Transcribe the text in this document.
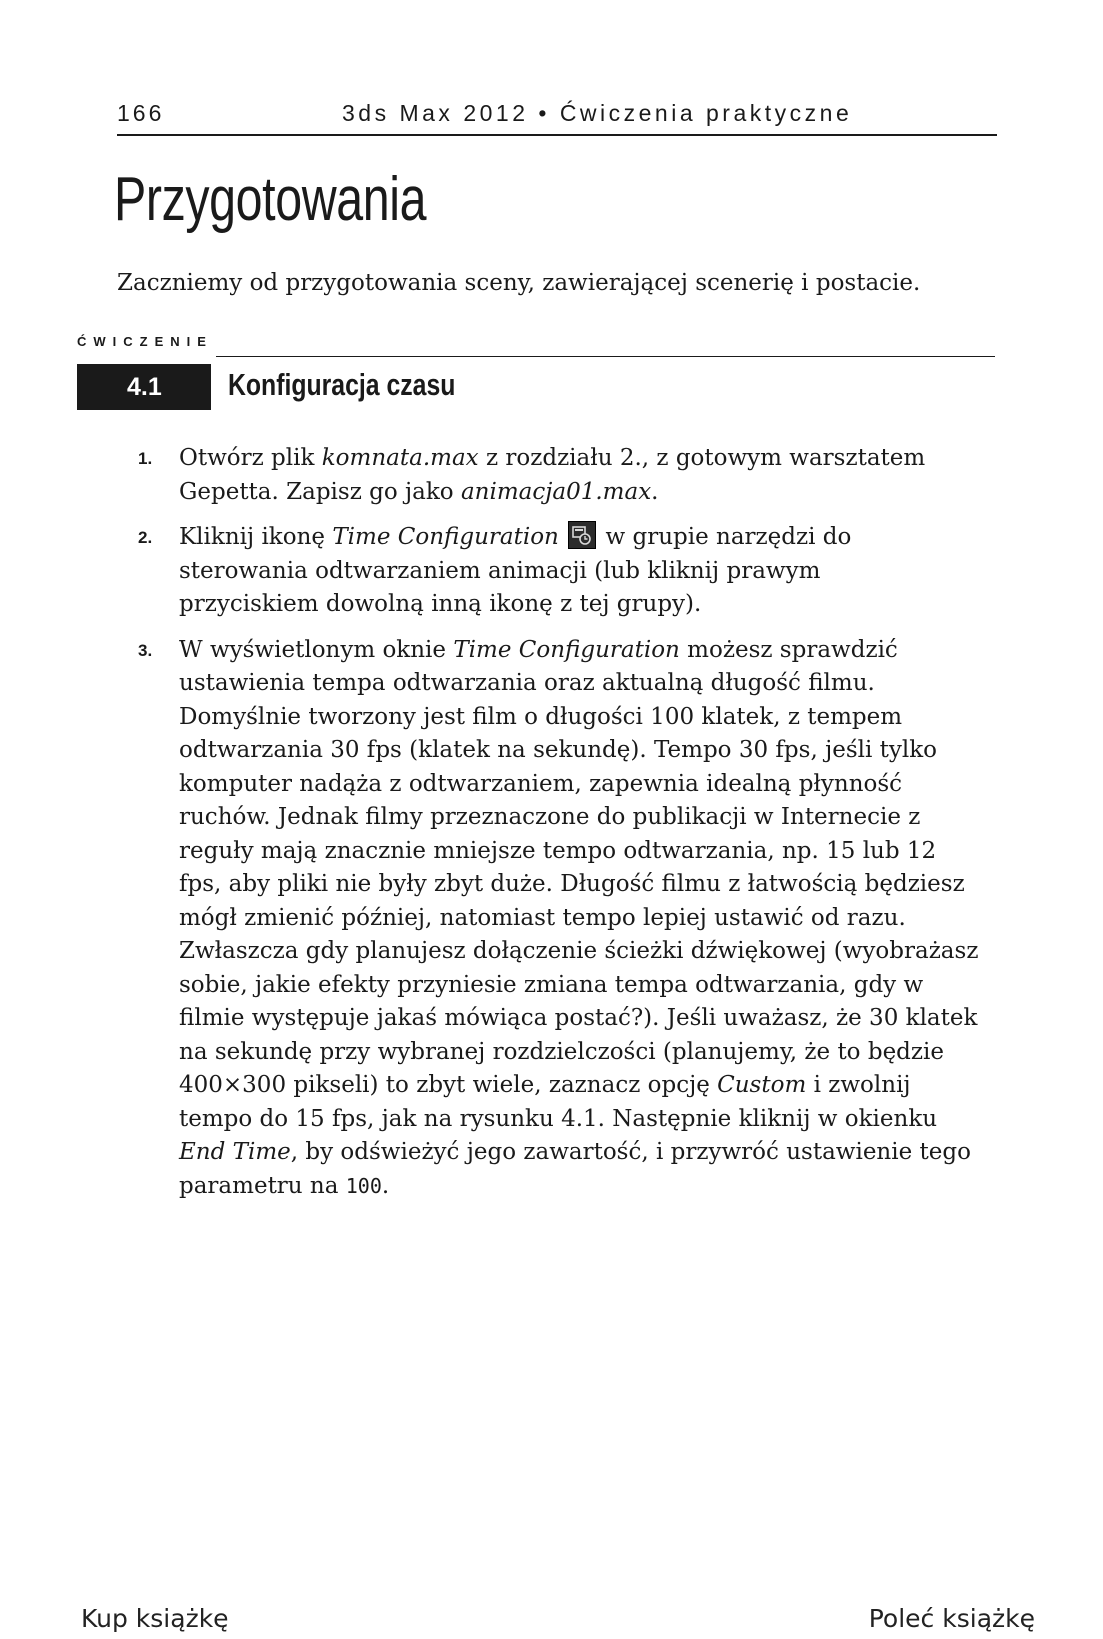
166	3ds Max 2012 • Ćwiczenia praktyczne
Przygotowania

Zaczniemy od przygotowania sceny, zawierającej scenerię i postacie.

ĆWICZENIE
4.1	Konfiguracja czasu
1. Otwórz plik komnata.max z rozdziału 2., z gotowym warsztatem Gepetta. Zapisz go jako animacja01.max.
2. Kliknij ikonę Time Configuration
w grupie narzędzi do sterowania odtwarzaniem animacji (lub kliknij prawym przyciskiem dowolną inną ikonę z tej grupy).
3. W wyświetlonym oknie Time Configuration możesz sprawdzić ustawienia tempa odtwarzania oraz aktualną długość filmu. Domyślnie tworzony jest film o długości 100 klatek, z tempem odtwarzania 30 fps (klatek na sekundę). Tempo 30 fps, jeśli tylko komputer nadąża z odtwarzaniem, zapewnia idealną płynność ruchów. Jednak filmy przeznaczone do publikacji w Internecie z reguły mają znacznie mniejsze tempo odtwarzania, np. 15 lub 12 fps, aby pliki nie były zbyt duże. Długość filmu z łatwością będziesz mógł zmienić później, natomiast tempo lepiej ustawić od razu. Zwłaszcza gdy planujesz dołączenie ścieżki dźwiękowej (wyobrażasz sobie, jakie efekty przyniesie zmiana tempa odtwarzania, gdy w filmie występuje jakaś mówiąca postać?). Jeśli uważasz, że 30 klatek na sekundę przy wybranej rozdzielczości (planujemy, że to będzie 400×300 pikseli) to zbyt wiele, zaznacz opcję Custom i zwolnij tempo do 15 fps, jak na rysunku 4.1. Następnie kliknij w okienku End Time, by odświeżyć jego zawartość, i przywróć ustawienie tego parametru na 100.
Kup książkę	Poleć książkę
